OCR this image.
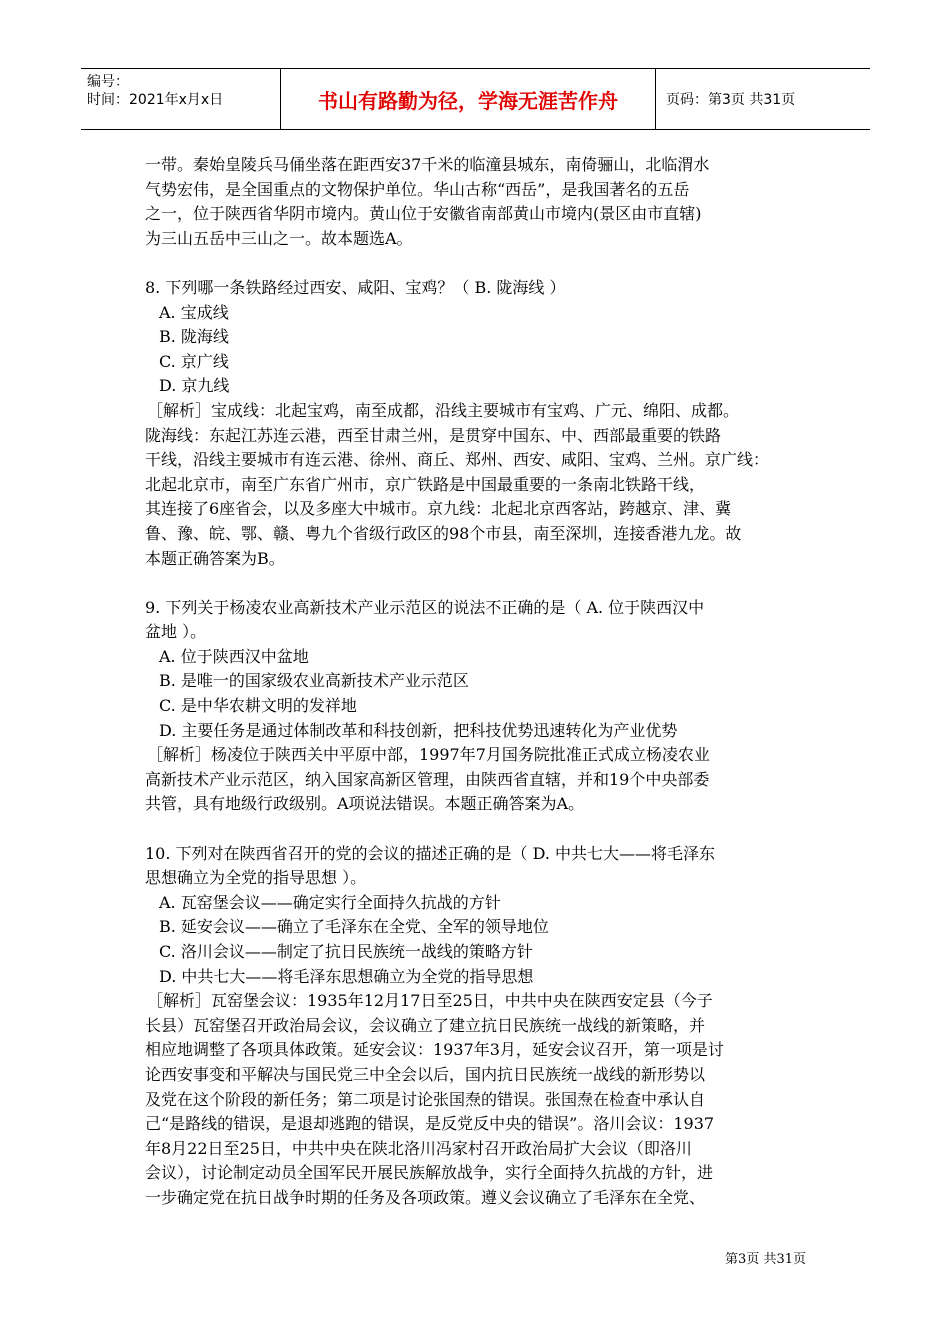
编号：
时间：2021年x月x日	书山有路勤为径，学海无涯苦作舟	页码：第3页 共31页

一带。秦始皇陵兵马俑坐落在距西安37千米的临潼县城东，南倚骊山，北临渭水

气势宏伟，是全国重点的文物保护单位。华山古称“西岳”，是我国著名的五岳

之一，位于陕西省华阴市境内。黄山位于安徽省南部黄山市境内(景区由市直辖)

为三山五岳中三山之一。故本题选A。

8. 下列哪一条铁路经过西安、咸阳、宝鸡？（ B. 陇海线 ）

A. 宝成线

B. 陇海线

C. 京广线

D. 京九线

［解析］宝成线：北起宝鸡，南至成都，沿线主要城市有宝鸡、广元、绵阳、成都。

陇海线：东起江苏连云港，西至甘肃兰州，是贯穿中国东、中、西部最重要的铁路

干线，沿线主要城市有连云港、徐州、商丘、郑州、西安、咸阳、宝鸡、兰州。京广线：

北起北京市，南至广东省广州市，京广铁路是中国最重要的一条南北铁路干线，

其连接了6座省会，以及多座大中城市。京九线：北起北京西客站，跨越京、津、冀

鲁、豫、皖、鄂、赣、粤九个省级行政区的98个市县，南至深圳，连接香港九龙。故

本题正确答案为B。

9. 下列关于杨凌农业高新技术产业示范区的说法不正确的是（ A. 位于陕西汉中

盆地 ）。

A. 位于陕西汉中盆地

B. 是唯一的国家级农业高新技术产业示范区

C. 是中华农耕文明的发祥地

D. 主要任务是通过体制改革和科技创新，把科技优势迅速转化为产业优势

［解析］杨凌位于陕西关中平原中部，1997年7月国务院批准正式成立杨凌农业

高新技术产业示范区，纳入国家高新区管理，由陕西省直辖，并和19个中央部委

共管，具有地级行政级别。A项说法错误。本题正确答案为A。

10. 下列对在陕西省召开的党的会议的描述正确的是（ D. 中共七大——将毛泽东

思想确立为全党的指导思想 ）。

A. 瓦窑堡会议——确定实行全面持久抗战的方针

B. 延安会议——确立了毛泽东在全党、全军的领导地位

C. 洛川会议——制定了抗日民族统一战线的策略方针

D. 中共七大——将毛泽东思想确立为全党的指导思想

［解析］瓦窑堡会议：1935年12月17日至25日，中共中央在陕西安定县（今子

长县）瓦窑堡召开政治局会议，会议确立了建立抗日民族统一战线的新策略，并

相应地调整了各项具体政策。延安会议：1937年3月，延安会议召开，第一项是讨

论西安事变和平解决与国民党三中全会以后，国内抗日民族统一战线的新形势以

及党在这个阶段的新任务；第二项是讨论张国焘的错误。张国焘在检查中承认自

己“是路线的错误，是退却逃跑的错误，是反党反中央的错误”。洛川会议：1937

年8月22日至25日，中共中央在陕北洛川冯家村召开政治局扩大会议（即洛川

会议），讨论制定动员全国军民开展民族解放战争，实行全面持久抗战的方针，进

一步确定党在抗日战争时期的任务及各项政策。遵义会议确立了毛泽东在全党、

第3页 共31页
